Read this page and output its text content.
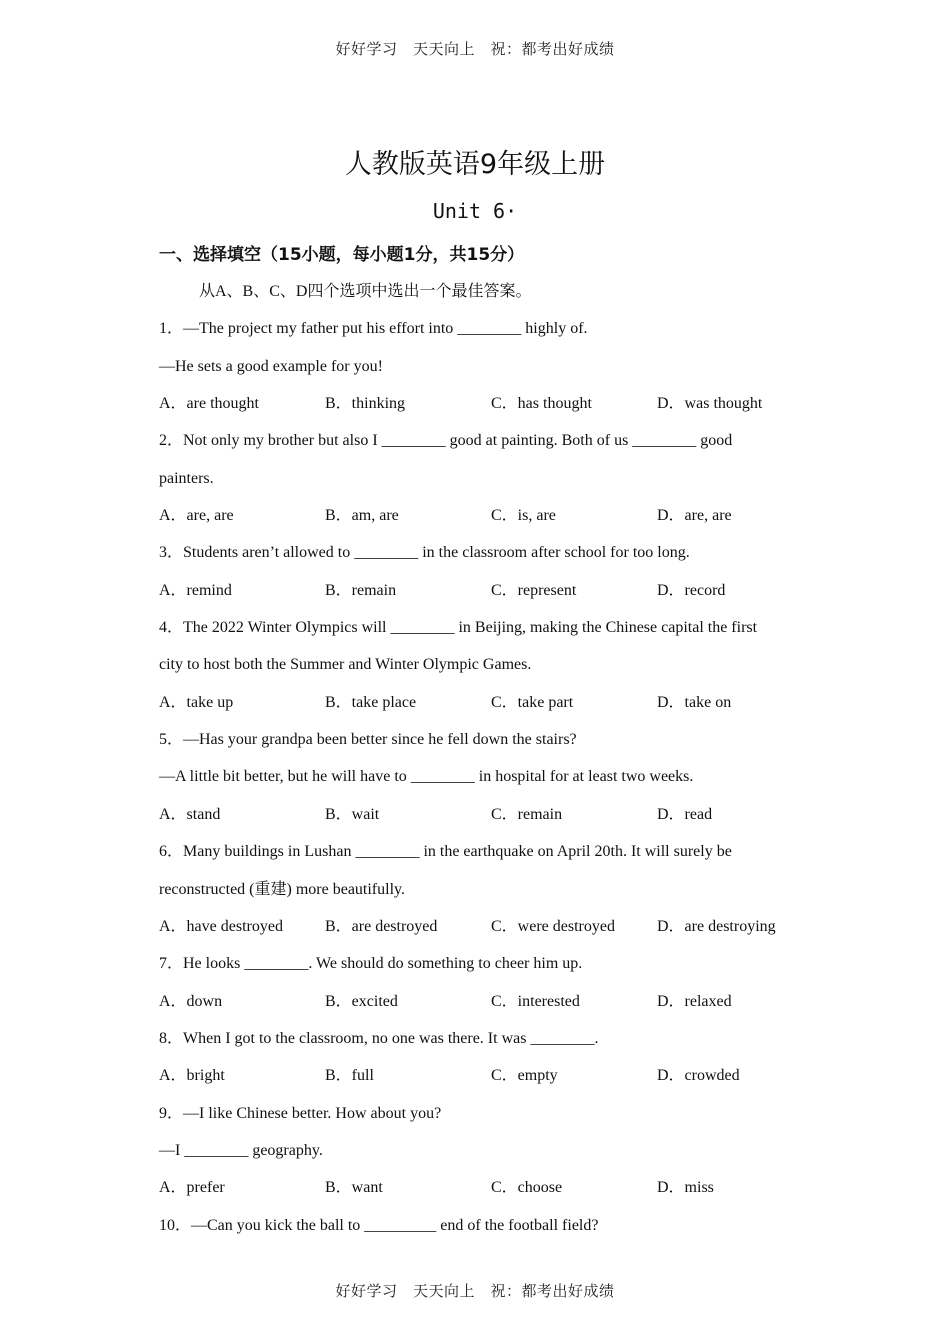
好好学习　天天向上　祝：都考出好成绩
人教版英语9年级上册
Unit 6·
一、选择填空（15小题，每小题1分，共15分）
从A、B、C、D四个选项中选出一个最佳答案。
1．—The project my father put his effort into ________ highly of.
—He sets a good example for you!
A．are thought	B．thinking	C．has thought	D．was thought
2．Not only my brother but also I ________ good at painting. Both of us ________ good
painters.
A．are, are	B．am, are	C．is, are	D．are, are
3．Students aren’t allowed to ________ in the classroom after school for too long.
A．remind	B．remain	C．represent	D．record
4．The 2022 Winter Olympics will ________ in Beijing, making the Chinese capital the first
city to host both the Summer and Winter Olympic Games.
A．take up	B．take place	C．take part	D．take on
5．—Has your grandpa been better since he fell down the stairs?
—A little bit better, but he will have to ________ in hospital for at least two weeks.
A．stand	B．wait	C．remain	D．read
6．Many buildings in Lushan ________ in the earthquake on April 20th. It will surely be
reconstructed (重建) more beautifully.
A．have destroyed	B．are destroyed	C．were destroyed	D．are destroying
7．He looks ________. We should do something to cheer him up.
A．down	B．excited	C．interested	D．relaxed
8．When I got to the classroom, no one was there. It was ________.
A．bright	B．full	C．empty	D．crowded
9．—I like Chinese better. How about you?
—I ________ geography.
A．prefer	B．want	C．choose	D．miss
10．—Can you kick the ball to _________ end of the football field?
好好学习　天天向上　祝：都考出好成绩
